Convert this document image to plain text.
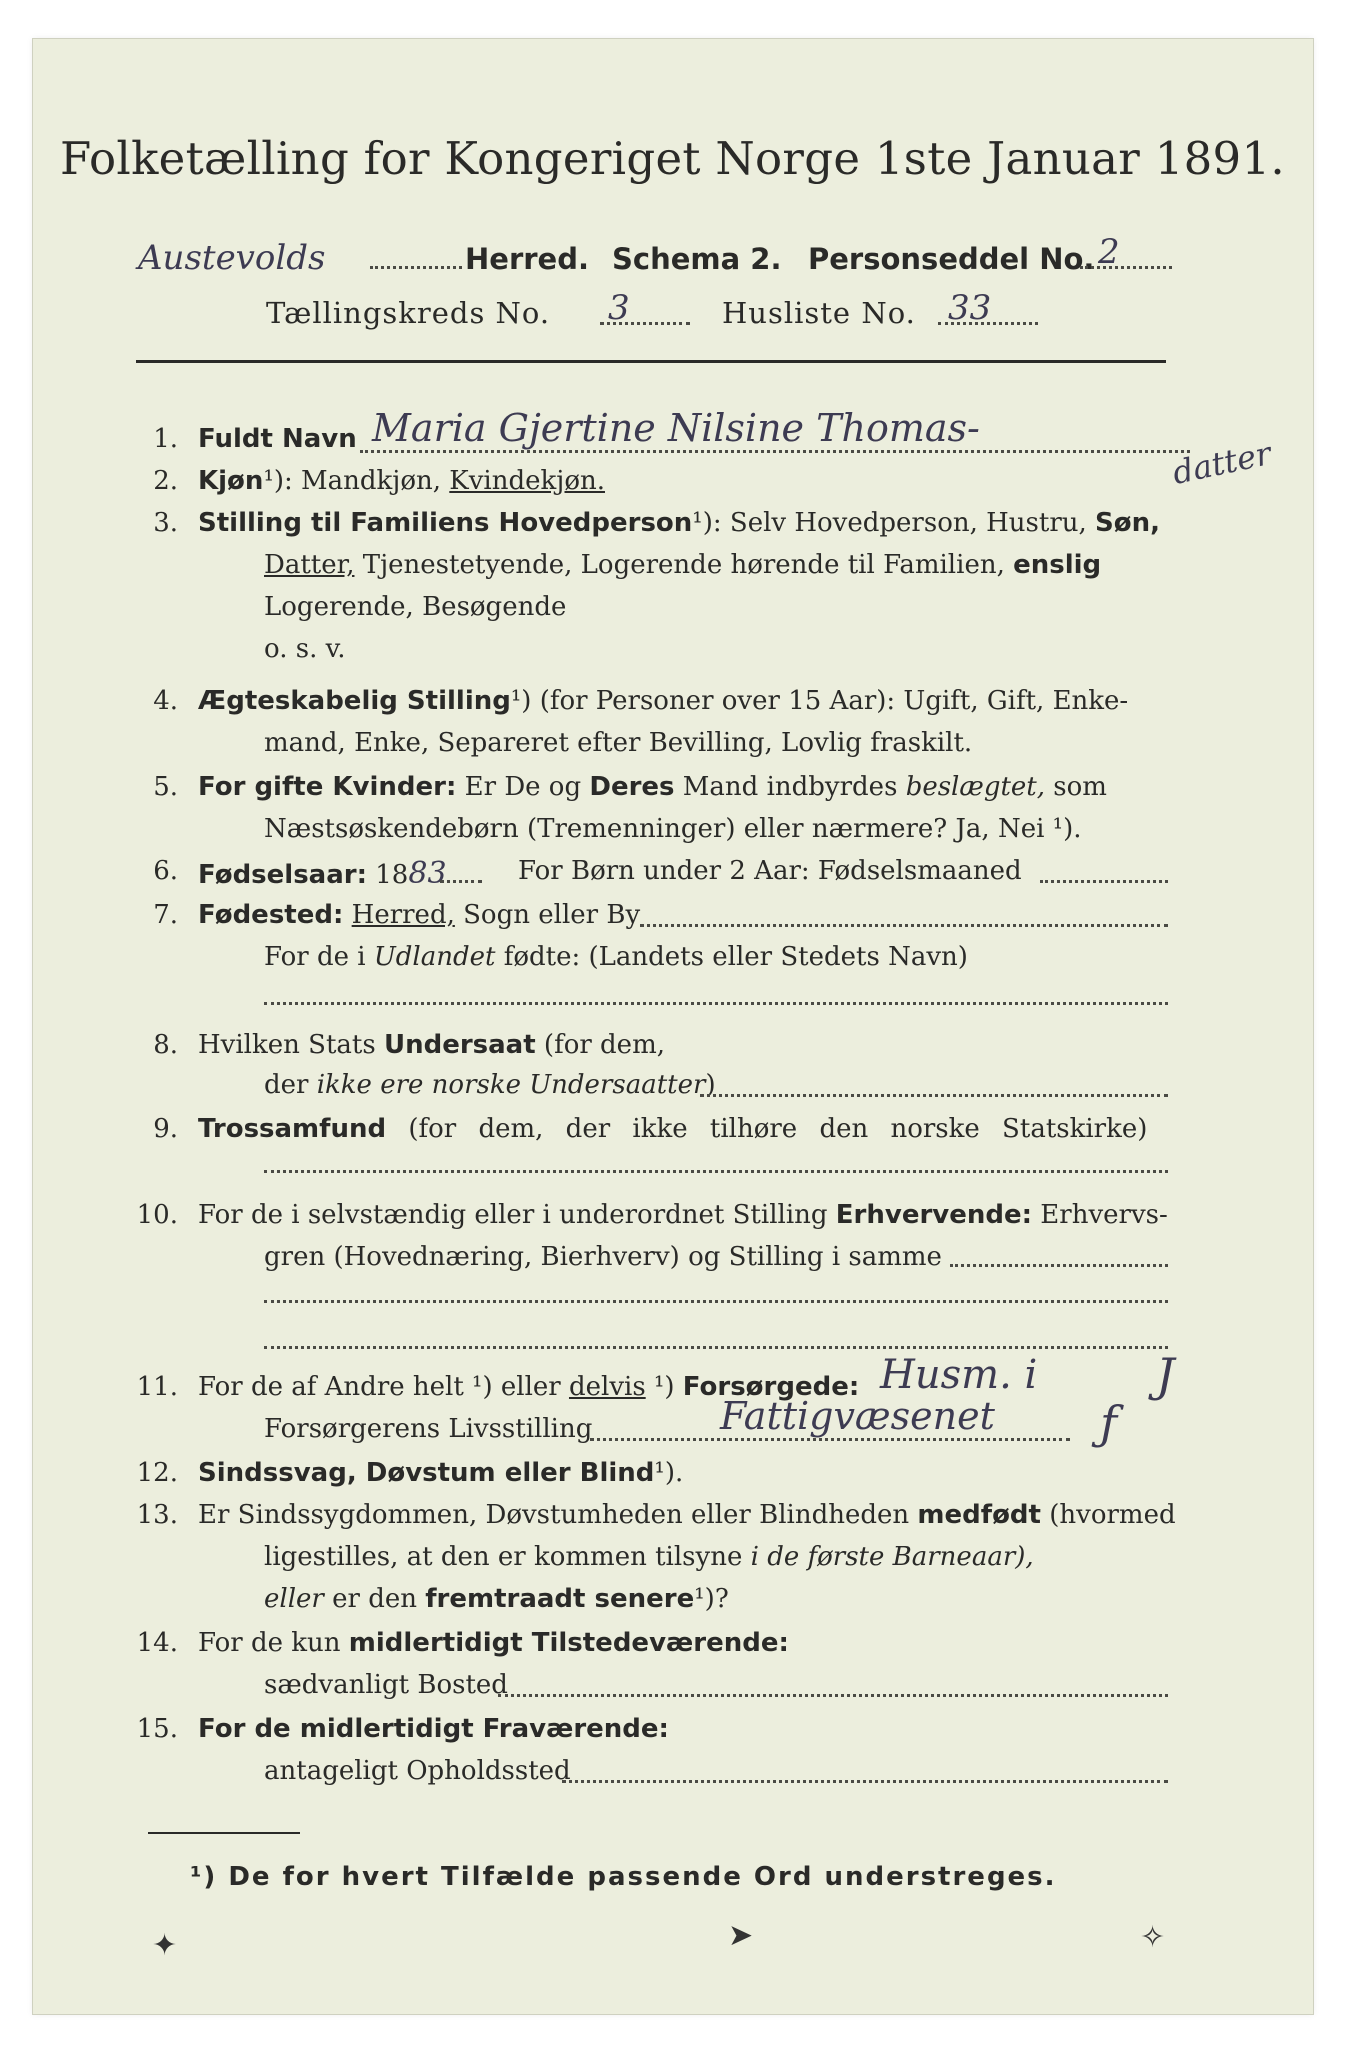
Folketælling for Kongeriget Norge 1ste Januar 1891.
Austevolds	Herred. Schema 2. Personseddel No. 2
Tællingskreds No. 3	Husliste No. 33
1. Fuldt Navn Maria Gjertine Nilsine Thomas-
datter
2. Kjøn¹): Mandkjøn, Kvindekjøn.
3. Stilling til Familiens Hovedperson¹): Selv Hovedperson, Hustru, Søn,
Datter, Tjenestetyende, Logerende hørende til Familien, enslig
Logerende, Besøgende
o. s. v.
4. Ægteskabelig Stilling¹) (for Personer over 15 Aar): Ugift, Gift, Enke-
mand, Enke, Separeret efter Bevilling, Lovlig fraskilt.
5. For gifte Kvinder: Er De og Deres Mand indbyrdes beslægtet, som
Næstsøskendebørn (Tremenninger) eller nærmere? Ja, Nei ¹).
6. Fødselsaar: 1883	For Børn under 2 Aar: Fødselsmaaned
7. Fødested: Herred, Sogn eller By
For de i Udlandet fødte: (Landets eller Stedets Navn)
8. Hvilken Stats Undersaat (for dem,
der ikke ere norske Undersaatter)
9. Trossamfund (for dem, der ikke tilhøre den norske Statskirke)
10. For de i selvstændig eller i underordnet Stilling Erhvervende: Erhvervs-
gren (Hovednæring, Bierhverv) og Stilling i samme
11. For de af Andre helt ¹) eller delvis ¹) Forsørgede: Husm. i	J
Forsørgerens Livsstilling	Fattigvæsenet ƒ
12. Sindssvag, Døvstum eller Blind¹).
13. Er Sindssygdommen, Døvstumheden eller Blindheden medfødt (hvormed
ligestilles, at den er kommen tilsyne i de første Barneaar),
eller er den fremtraadt senere¹)?
14. For de kun midlertidigt Tilstedeværende:
sædvanligt Bosted
15. For de midlertidigt Fraværende:
antageligt Opholdssted
¹) De for hvert Tilfælde passende Ord understreges.
✦	➤	✧
